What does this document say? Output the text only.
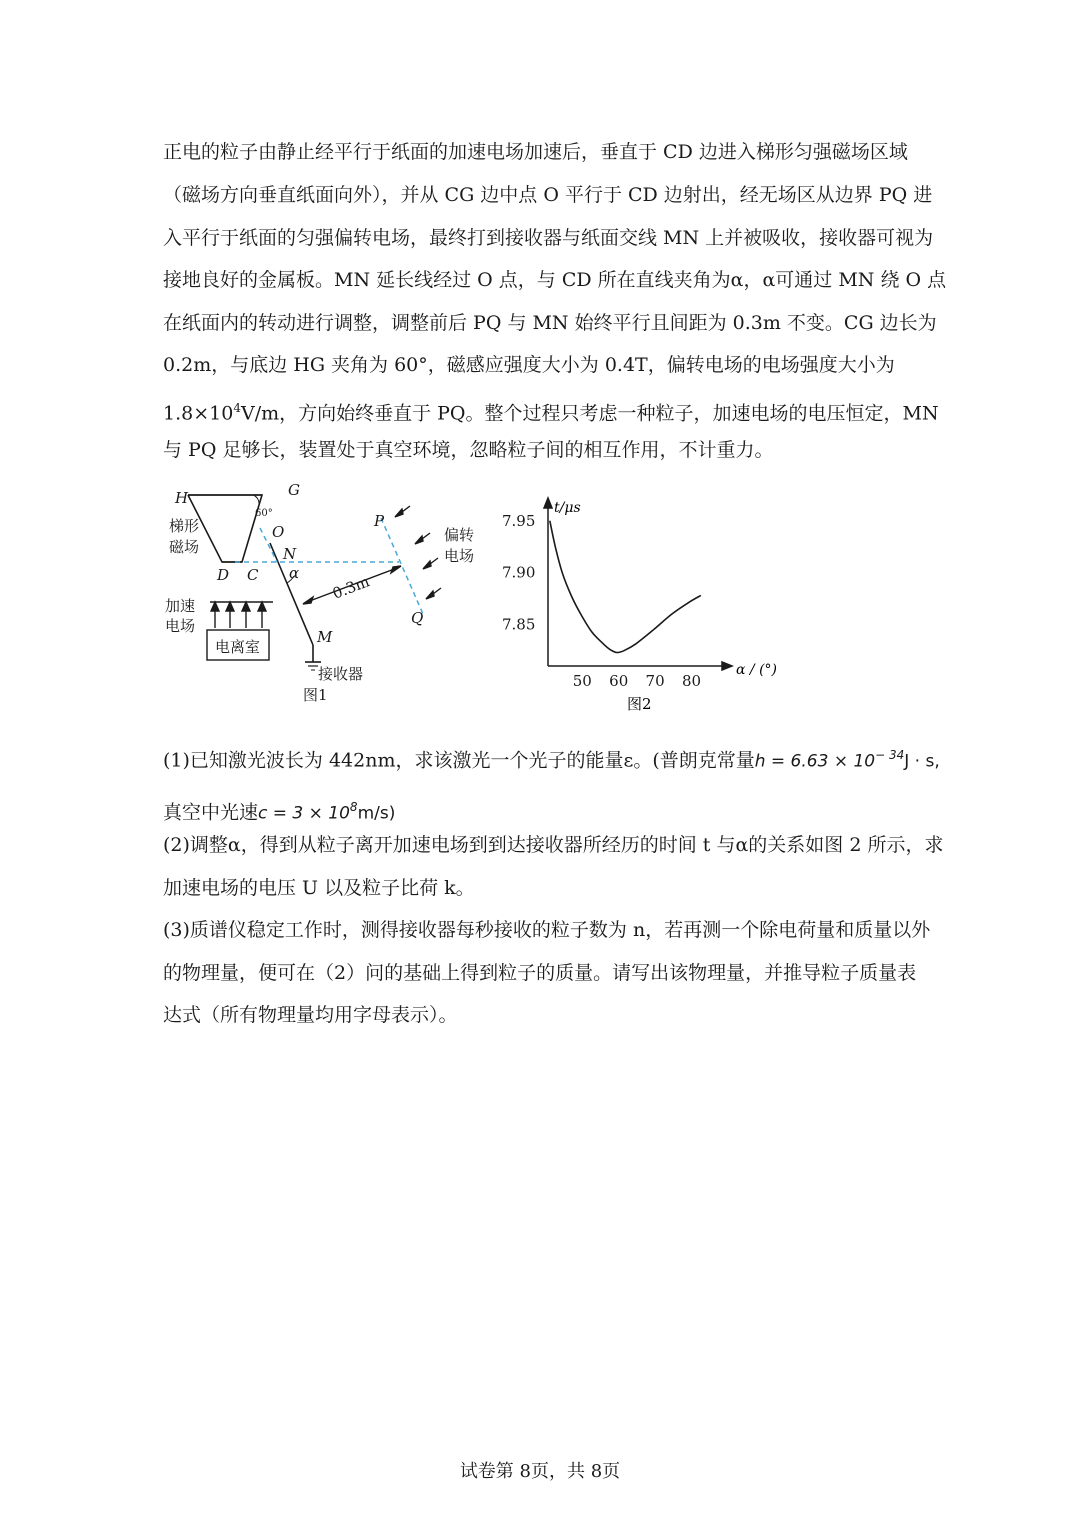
正电的粒子由静止经平行于纸面的加速电场加速后，垂直于 CD 边进入梯形匀强磁场区域
（磁场方向垂直纸面向外），并从 CG 边中点 O 平行于 CD 边射出，经无场区从边界 PQ 进
入平行于纸面的匀强偏转电场，最终打到接收器与纸面交线 MN 上并被吸收，接收器可视为
接地良好的金属板。MN 延长线经过 O 点，与 CD 所在直线夹角为α，α可通过 MN 绕 O 点
在纸面内的转动进行调整，调整前后 PQ 与 MN 始终平行且间距为 0.3m 不变。CG 边长为
0.2m，与底边 HG 夹角为 60°，磁感应强度大小为 0.4T，偏转电场的电场强度大小为
$1.8\times 10^4V/m$，方向始终垂直于 PQ。整个过程只考虑一种粒子，加速电场的电压恒定，MN
与 PQ 足够长，装置处于真空环境，忽略粒子间的相互作用，不计重力。
H	G
60°
O
梯形
磁场
D C
N
α
P
Q
M
0.3m
偏转
电场
加速
电场
电离室
接收器
图1
50 60 70 80
7.85
7.90
7.95
t/μs
α / (°)
图2
(1)已知激光波长为 442nm，求该激光一个光子的能量ε。(普朗克常量$h = 6.63 \times 10^{- 34}J \cdot s$,
真空中光速$c = 3 \times 10^8m/s$)
(2)调整α，得到从粒子离开加速电场到到达接收器所经历的时间 t 与α的关系如图 2 所示，求
加速电场的电压 U 以及粒子比荷 k。
(3)质谱仪稳定工作时，测得接收器每秒接收的粒子数为 n，若再测一个除电荷量和质量以外
的物理量，便可在（2）问的基础上得到粒子的质量。请写出该物理量，并推导粒子质量表
达式（所有物理量均用字母表示）。
试卷第 8页，共 8页
